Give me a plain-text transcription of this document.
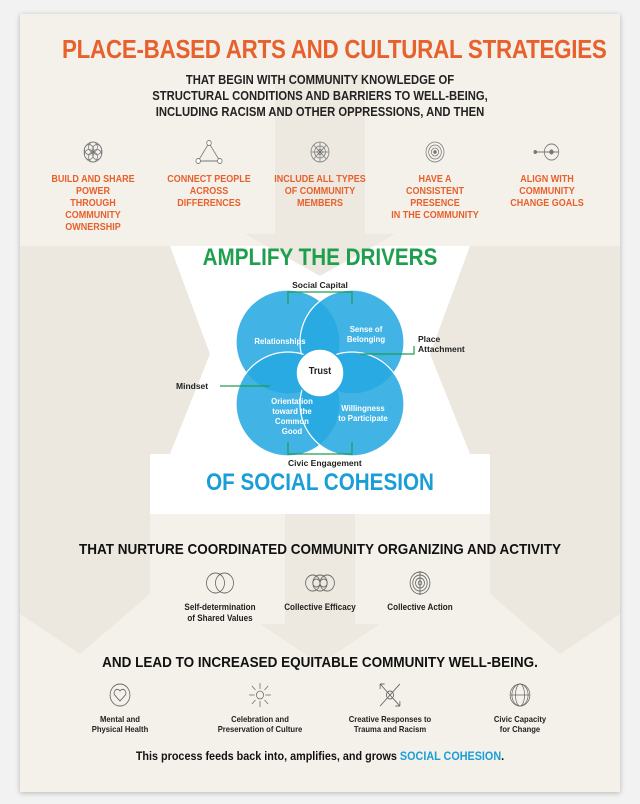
PLACE-BASED ARTS AND CULTURAL STRATEGIES
THAT BEGIN WITH COMMUNITY KNOWLEDGE OF
STRUCTURAL CONDITIONS AND BARRIERS TO WELL-BEING,
INCLUDING RACISM AND OTHER OPPRESSIONS, AND THEN
BUILD AND SHARE POWER
THROUGH
COMMUNITY OWNERSHIP
CONNECT PEOPLE
ACROSS
DIFFERENCES
INCLUDE ALL TYPES
OF COMMUNITY
MEMBERS
HAVE A
CONSISTENT PRESENCE
IN THE COMMUNITY
ALIGN WITH
COMMUNITY
CHANGE GOALS
AMPLIFY THE DRIVERS
Social Capital
Place
Attachment
Mindset
Civic Engagement
Relationships
Sense of
Belonging
Orientation
toward the
Common Good
Willingness
to Participate
Trust
OF SOCIAL COHESION
THAT NURTURE COORDINATED COMMUNITY ORGANIZING AND ACTIVITY
Self-determination
of Shared Values
Collective Efficacy	Collective Action
AND LEAD TO INCREASED EQUITABLE COMMUNITY WELL-BEING.
Mental and
Physical Health
Celebration and
Preservation of Culture
Creative Responses to
Trauma and Racism
Civic Capacity
for Change
This process feeds back into, amplifies, and grows SOCIAL COHESION.
